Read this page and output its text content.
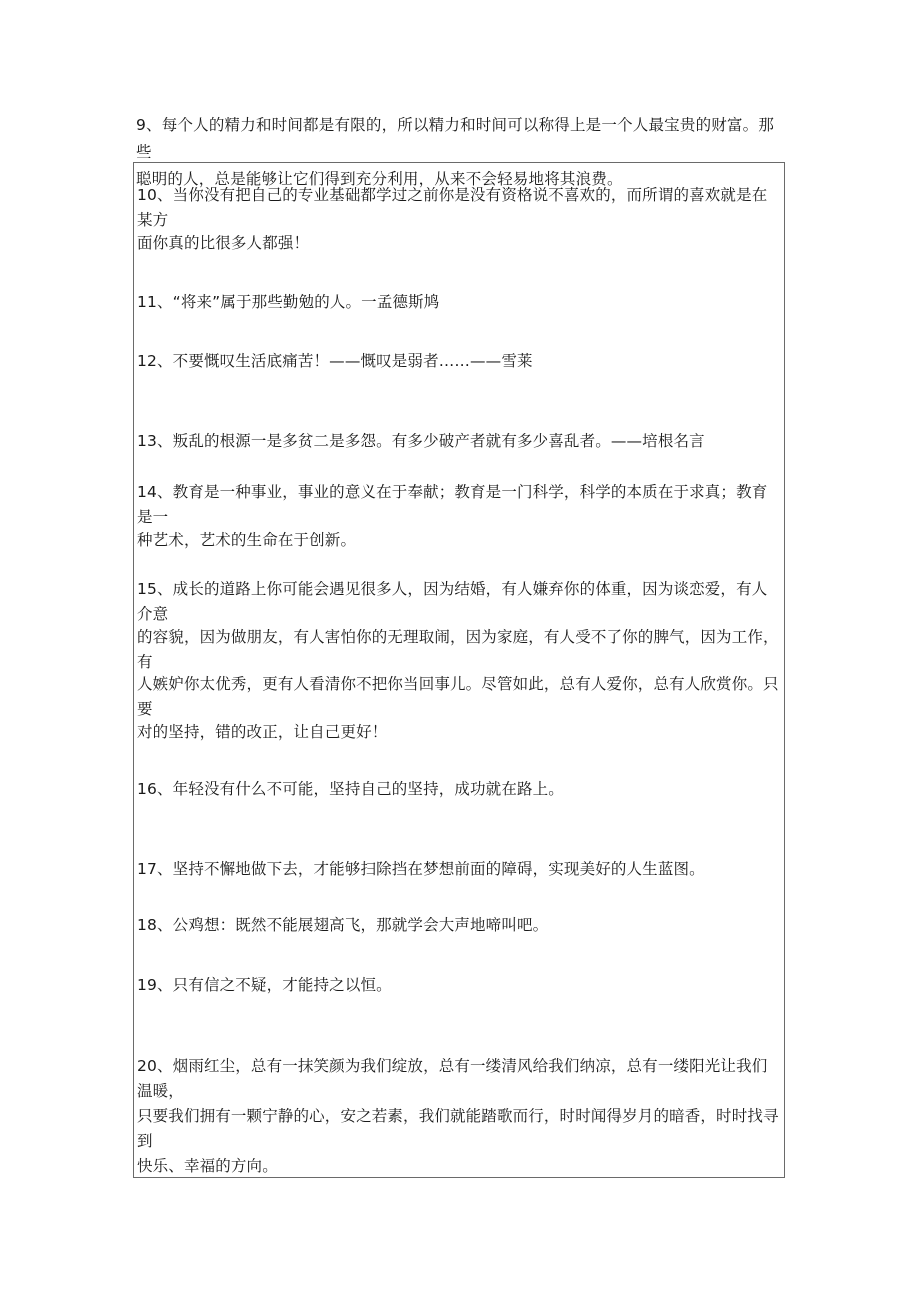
9、每个人的精力和时间都是有限的，所以精力和时间可以称得上是一个人最宝贵的财富。那些
聪明的人，总是能够让它们得到充分利用，从来不会轻易地将其浪费。
10、当你没有把自己的专业基础都学过之前你是没有资格说不喜欢的，而所谓的喜欢就是在某方
面你真的比很多人都强！
11、“将来”属于那些勤勉的人。一孟德斯鸠
12、不要慨叹生活底痛苦！——慨叹是弱者……——雪莱
13、叛乱的根源一是多贫二是多怨。有多少破产者就有多少喜乱者。——培根名言
14、教育是一种事业，事业的意义在于奉献；教育是一门科学，科学的本质在于求真；教育是一
种艺术，艺术的生命在于创新。
15、成长的道路上你可能会遇见很多人，因为结婚，有人嫌弃你的体重，因为谈恋爱，有人介意
的容貌，因为做朋友，有人害怕你的无理取闹，因为家庭，有人受不了你的脾气，因为工作，有
人嫉妒你太优秀，更有人看清你不把你当回事儿。尽管如此，总有人爱你，总有人欣赏你。只要
对的坚持，错的改正，让自己更好！
16、年轻没有什么不可能，坚持自己的坚持，成功就在路上。
17、坚持不懈地做下去，才能够扫除挡在梦想前面的障碍，实现美好的人生蓝图。
18、公鸡想：既然不能展翅高飞，那就学会大声地啼叫吧。
19、只有信之不疑，才能持之以恒。
20、烟雨红尘，总有一抹笑颜为我们绽放，总有一缕清风给我们纳凉，总有一缕阳光让我们温暖，
只要我们拥有一颗宁静的心，安之若素，我们就能踏歌而行，时时闻得岁月的暗香，时时找寻到
快乐、幸福的方向。
